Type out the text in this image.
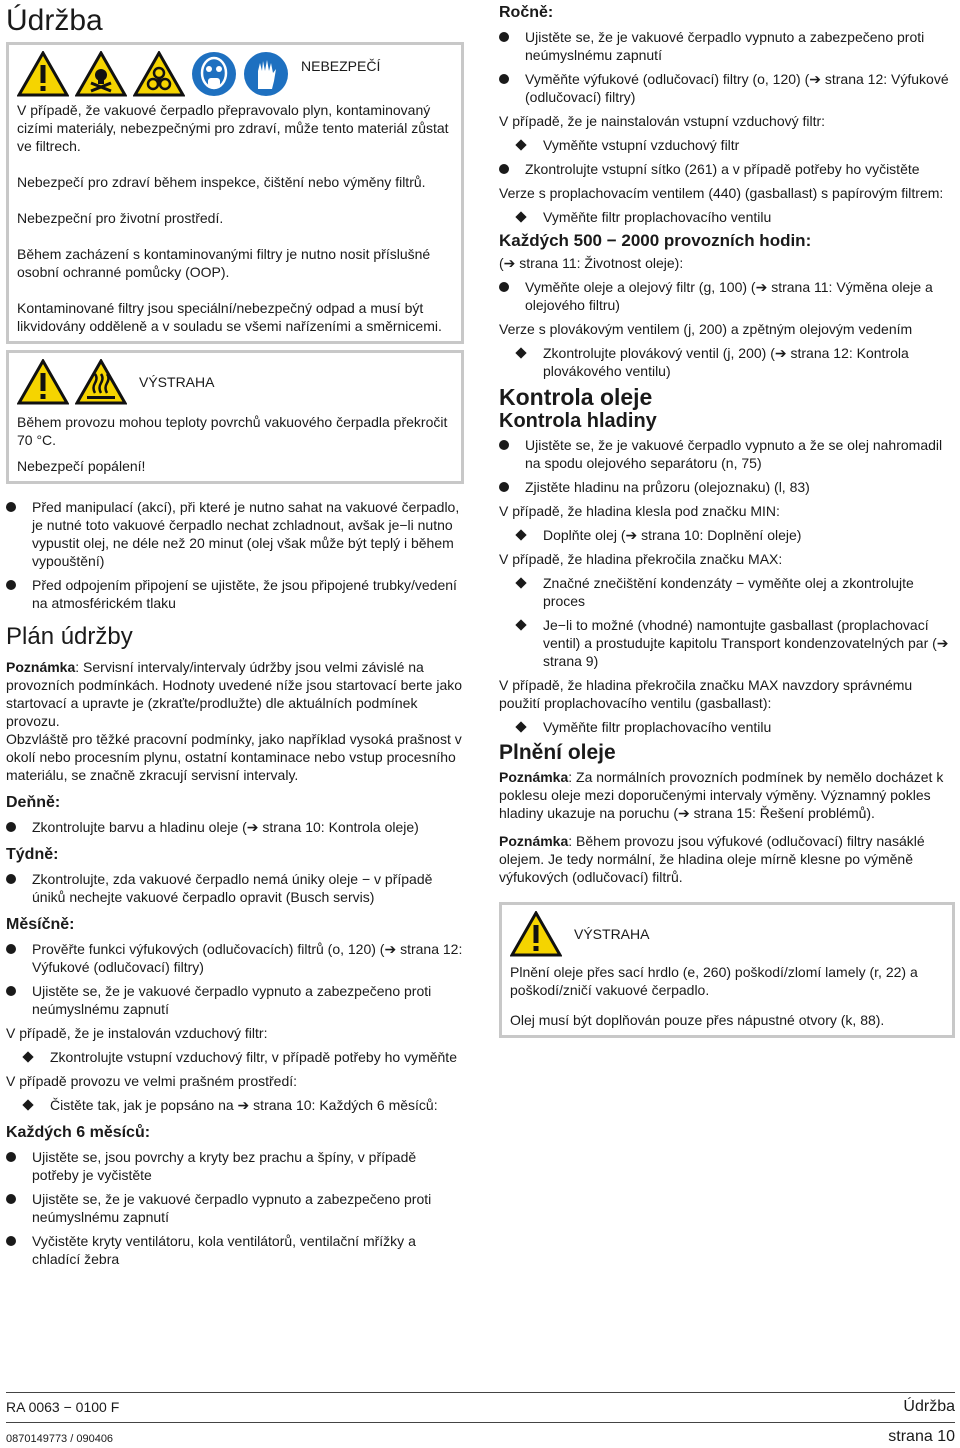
Údržba
NEBEZPEČÍ

V případě, že vakuové čerpadlo přepravovalo plyn, kontaminovaný cizími materiály, nebezpečnými pro zdraví, může tento materiál zůstat ve filtrech.

Nebezpečí pro zdraví během inspekce, čištění nebo výměny filtrů.

Nebezpeční pro životní prostředí.

Během zacházení s kontaminovanými filtry je nutno nosit příslušné osobní ochranné pomůcky (OOP).

Kontaminované filtry jsou speciální/nebezpečný odpad a musí být likvidovány odděleně a v souladu se všemi nařízeními a směrnicemi.

VÝSTRAHA

Během provozu mohou teploty povrchů vakuového čerpadla překročit 70 °C.

Nebezpečí popálení!

Před manipulací (akcí), při které je nutno sahat na vakuové čerpadlo, je nutné toto vakuové čerpadlo nechat zchladnout, avšak je−li nutno vypustit olej, ne déle než 20 minut (olej však může být teplý i během vypouštění)
Před odpojením připojení se ujistěte, že jsou připojené trubky/vedení na atmosférickém tlaku
Plán údržby

Poznámka: Servisní intervaly/intervaly údržby jsou velmi závislé na provozních podmínkách. Hodnoty uvedené níže jsou startovací berte jako startovací a upravte je (zkraťte/prodlužte) dle aktuálních podmínek provozu.

Obzvláště pro těžké pracovní podmínky, jako například vysoká prašnost v okolí nebo procesním plynu, ostatní kontaminace nebo vstup procesního materiálu, se značně zkracují servisní intervaly.

Deňně:
Zkontrolujte barvu a hladinu oleje (➔ strana 10: Kontrola oleje)
Týdně:
Zkontrolujte, zda vakuové čerpadlo nemá úniky oleje − v případě úniků nechejte vakuové čerpadlo opravit (Busch servis)
Měsíčně:
Prověřte funkci výfukových (odlučovacích) filtrů (o, 120) (➔ strana 12: Výfukové (odlučovací) filtry)
Ujistěte se, že je vakuové čerpadlo vypnuto a zabezpečeno proti neúmyslnému zapnutí

V případě, že je instalován vzduchový filtr:

Zkontrolujte vstupní vzduchový filtr, v případě potřeby ho vyměňte

V případě provozu ve velmi prašném prostředí:

Čistěte tak, jak je popsáno na ➔ strana 10: Každých 6 měsíců:
Každých 6 měsíců:
Ujistěte se, jsou povrchy a kryty bez prachu a špíny, v případě potřeby je vyčistěte
Ujistěte se, že je vakuové čerpadlo vypnuto a zabezpečeno proti neúmyslnému zapnutí
Vyčistěte kryty ventilátoru, kola ventilátorů, ventilační mřížky a chladící žebra
Ročně:
Ujistěte se, že je vakuové čerpadlo vypnuto a zabezpečeno proti neúmyslnému zapnutí
Vyměňte výfukové (odlučovací) filtry (o, 120) (➔ strana 12: Výfukové (odlučovací) filtry)

V případě, že je nainstalován vstupní vzduchový filtr:

Vyměňte vstupní vzduchový filtr
Zkontrolujte vstupní sítko (261) a v případě potřeby ho vyčistěte

Verze s proplachovacím ventilem (440) (gasballast) s papírovým filtrem:

Vyměňte filtr proplachovacího ventilu
Každých 500 − 2000 provozních hodin:

(➔ strana 11: Životnost oleje):

Vyměňte oleje a olejový filtr (g, 100) (➔ strana 11: Výměna oleje a olejového filtru)

Verze s plovákovým ventilem (j, 200) a zpětným olejovým vedením

Zkontrolujte plovákový ventil (j, 200) (➔ strana 12: Kontrola plovákového ventilu)
Kontrola oleje
Kontrola hladiny
Ujistěte se, že je vakuové čerpadlo vypnuto a že se olej nahromadil na spodu olejového separátoru (n, 75)
Zjistěte hladinu na průzoru (olejoznaku) (l, 83)

V případě, že hladina klesla pod značku MIN:

Doplňte olej (➔ strana 10: Doplnění oleje)

V případě, že hladina překročila značku MAX:

Značné znečištění kondenzáty − vyměňte olej a zkontrolujte proces
Je−li to možné (vhodné) namontujte gasballast (proplachovací ventil) a prostudujte kapitolu Transport kondenzovatelných par (➔ strana 9)

V případě, že hladina překročila značku MAX navzdory správnému použití proplachovacího ventilu (gasballast):

Vyměňte filtr proplachovacího ventilu
Plnění oleje

Poznámka: Za normálních provozních podmínek by nemělo docházet k poklesu oleje mezi doporučenými intervaly výměny. Významný pokles hladiny ukazuje na poruchu (➔ strana 15: Řešení problémů).

Poznámka: Během provozu jsou výfukové (odlučovací) filtry nasáklé olejem. Je tedy normální, že hladina oleje mírně klesne po výměně výfukových (odlučovací) filtrů.

VÝSTRAHA

Plnění oleje přes sací hrdlo (e, 260) poškodí/zlomí lamely (r, 22) a poškodí/zničí vakuové čerpadlo.

Olej musí být doplňován pouze přes nápustné otvory (k, 88).

RA 0063 − 0100 F	Údržba
0870149773 / 090406	strana 10
